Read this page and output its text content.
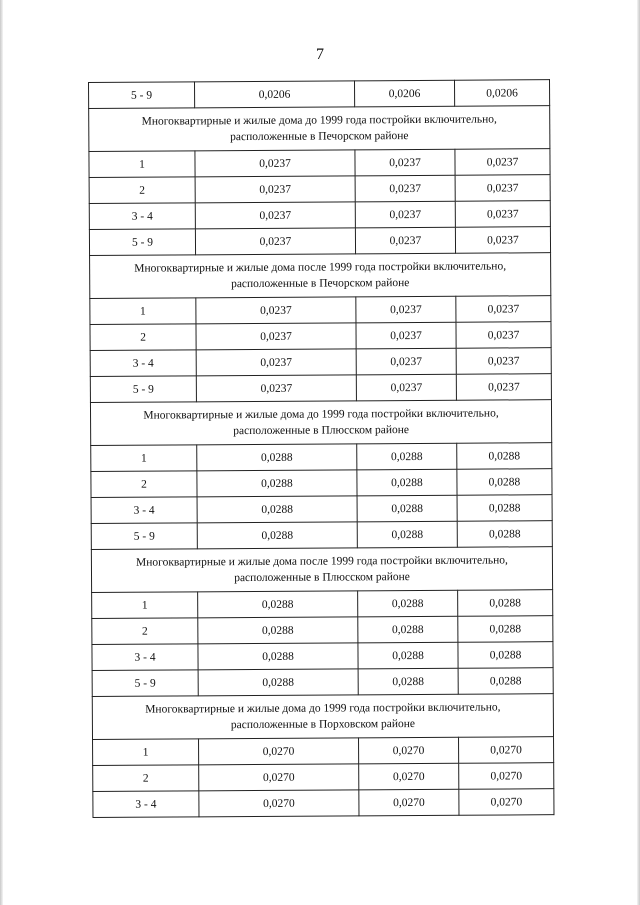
7
5 - 9	0,0206	0,0206	0,0206
Многоквартирные и жилые дома до 1999 года постройки включительно, расположенные в Печорском районе			
1	0,0237	0,0237	0,0237
2	0,0237	0,0237	0,0237
3 - 4	0,0237	0,0237	0,0237
5 - 9	0,0237	0,0237	0,0237
Многоквартирные и жилые дома после 1999 года постройки включительно, расположенные в Печорском районе			
1	0,0237	0,0237	0,0237
2	0,0237	0,0237	0,0237
3 - 4	0,0237	0,0237	0,0237
5 - 9	0,0237	0,0237	0,0237
Многоквартирные и жилые дома до 1999 года постройки включительно, расположенные в Плюсском районе			
1	0,0288	0,0288	0,0288
2	0,0288	0,0288	0,0288
3 - 4	0,0288	0,0288	0,0288
5 - 9	0,0288	0,0288	0,0288
Многоквартирные и жилые дома после 1999 года постройки включительно, расположенные в Плюсском районе			
1	0,0288	0,0288	0,0288
2	0,0288	0,0288	0,0288
3 - 4	0,0288	0,0288	0,0288
5 - 9	0,0288	0,0288	0,0288
Многоквартирные и жилые дома до 1999 года постройки включительно, расположенные в Порховском районе			
1	0,0270	0,0270	0,0270
2	0,0270	0,0270	0,0270
3 - 4	0,0270	0,0270	0,0270
